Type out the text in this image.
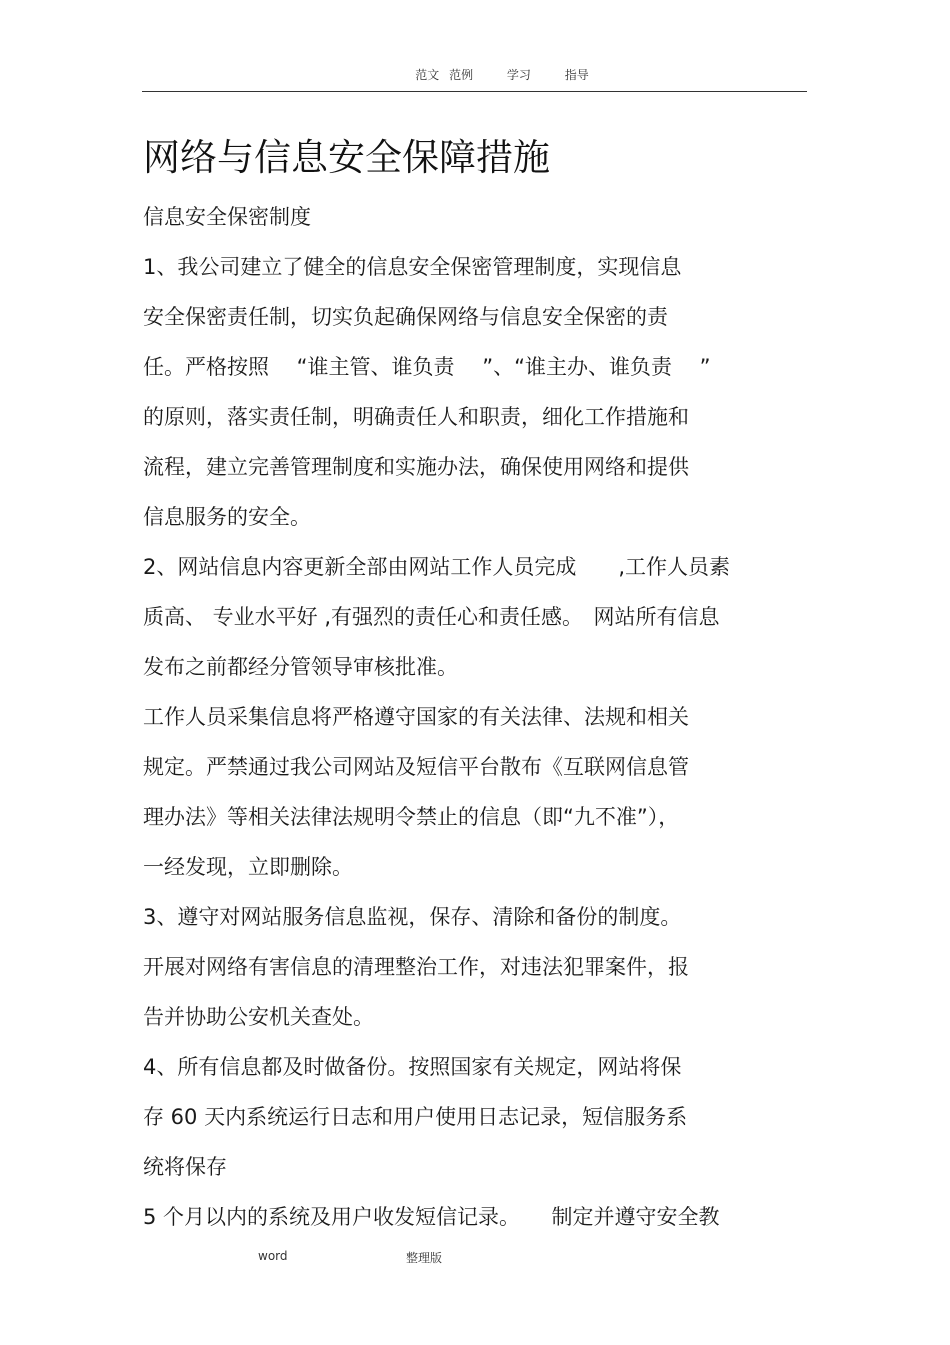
范文 范例	学习	指导
网络与信息安全保障措施
信息安全保密制度
1、我公司建立了健全的信息安全保密管理制度，实现信息
安全保密责任制，切实负起确保网络与信息安全保密的责
任。严格按照　 “谁主管、谁负责　 ”、“谁主办、谁负责　 ”
的原则，落实责任制，明确责任人和职责，细化工作措施和
流程，建立完善管理制度和实施办法，确保使用网络和提供
信息服务的安全。
2、网站信息内容更新全部由网站工作人员完成　　,工作人员素
质高、 专业水平好 ,有强烈的责任心和责任感。　网站所有信息
发布之前都经分管领导审核批准。
工作人员采集信息将严格遵守国家的有关法律、法规和相关
规定。严禁通过我公司网站及短信平台散布《互联网信息管
理办法》等相关法律法规明令禁止的信息（即“九不准”），
一经发现，立即删除。
3、遵守对网站服务信息监视，保存、清除和备份的制度。
开展对网络有害信息的清理整治工作，对违法犯罪案件，报
告并协助公安机关查处。
4、所有信息都及时做备份。按照国家有关规定，网站将保
存 60 天内系统运行日志和用户使用日志记录，短信服务系
统将保存
5 个月以内的系统及用户收发短信记录。　　制定并遵守安全教
word	整理版
